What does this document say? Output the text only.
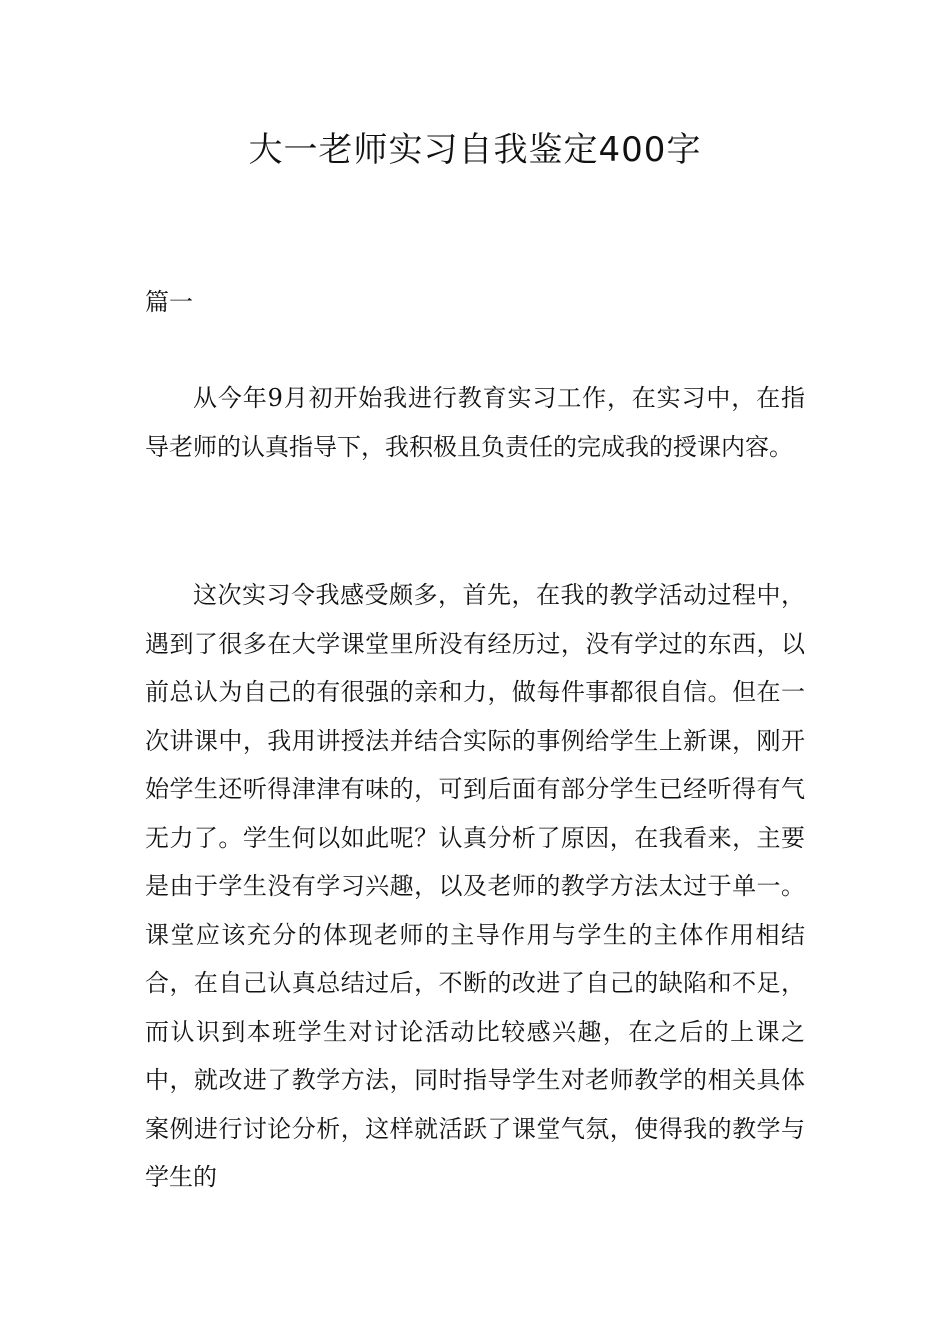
大一老师实习自我鉴定400字
篇一

从今年9月初开始我进行教育实习工作，在实习中，在指导老师的认真指导下，我积极且负责任的完成我的授课内容。

这次实习令我感受颇多，首先，在我的教学活动过程中，遇到了很多在大学课堂里所没有经历过，没有学过的东西，以前总认为自己的有很强的亲和力，做每件事都很自信。但在一次讲课中，我用讲授法并结合实际的事例给学生上新课，刚开始学生还听得津津有味的，可到后面有部分学生已经听得有气无力了。学生何以如此呢？认真分析了原因，在我看来，主要是由于学生没有学习兴趣，以及老师的教学方法太过于单一。课堂应该充分的体现老师的主导作用与学生的主体作用相结合，在自己认真总结过后，不断的改进了自己的缺陷和不足，而认识到本班学生对讨论活动比较感兴趣，在之后的上课之中，就改进了教学方法，同时指导学生对老师教学的相关具体案例进行讨论分析，这样就活跃了课堂气氛，使得我的教学与学生的
